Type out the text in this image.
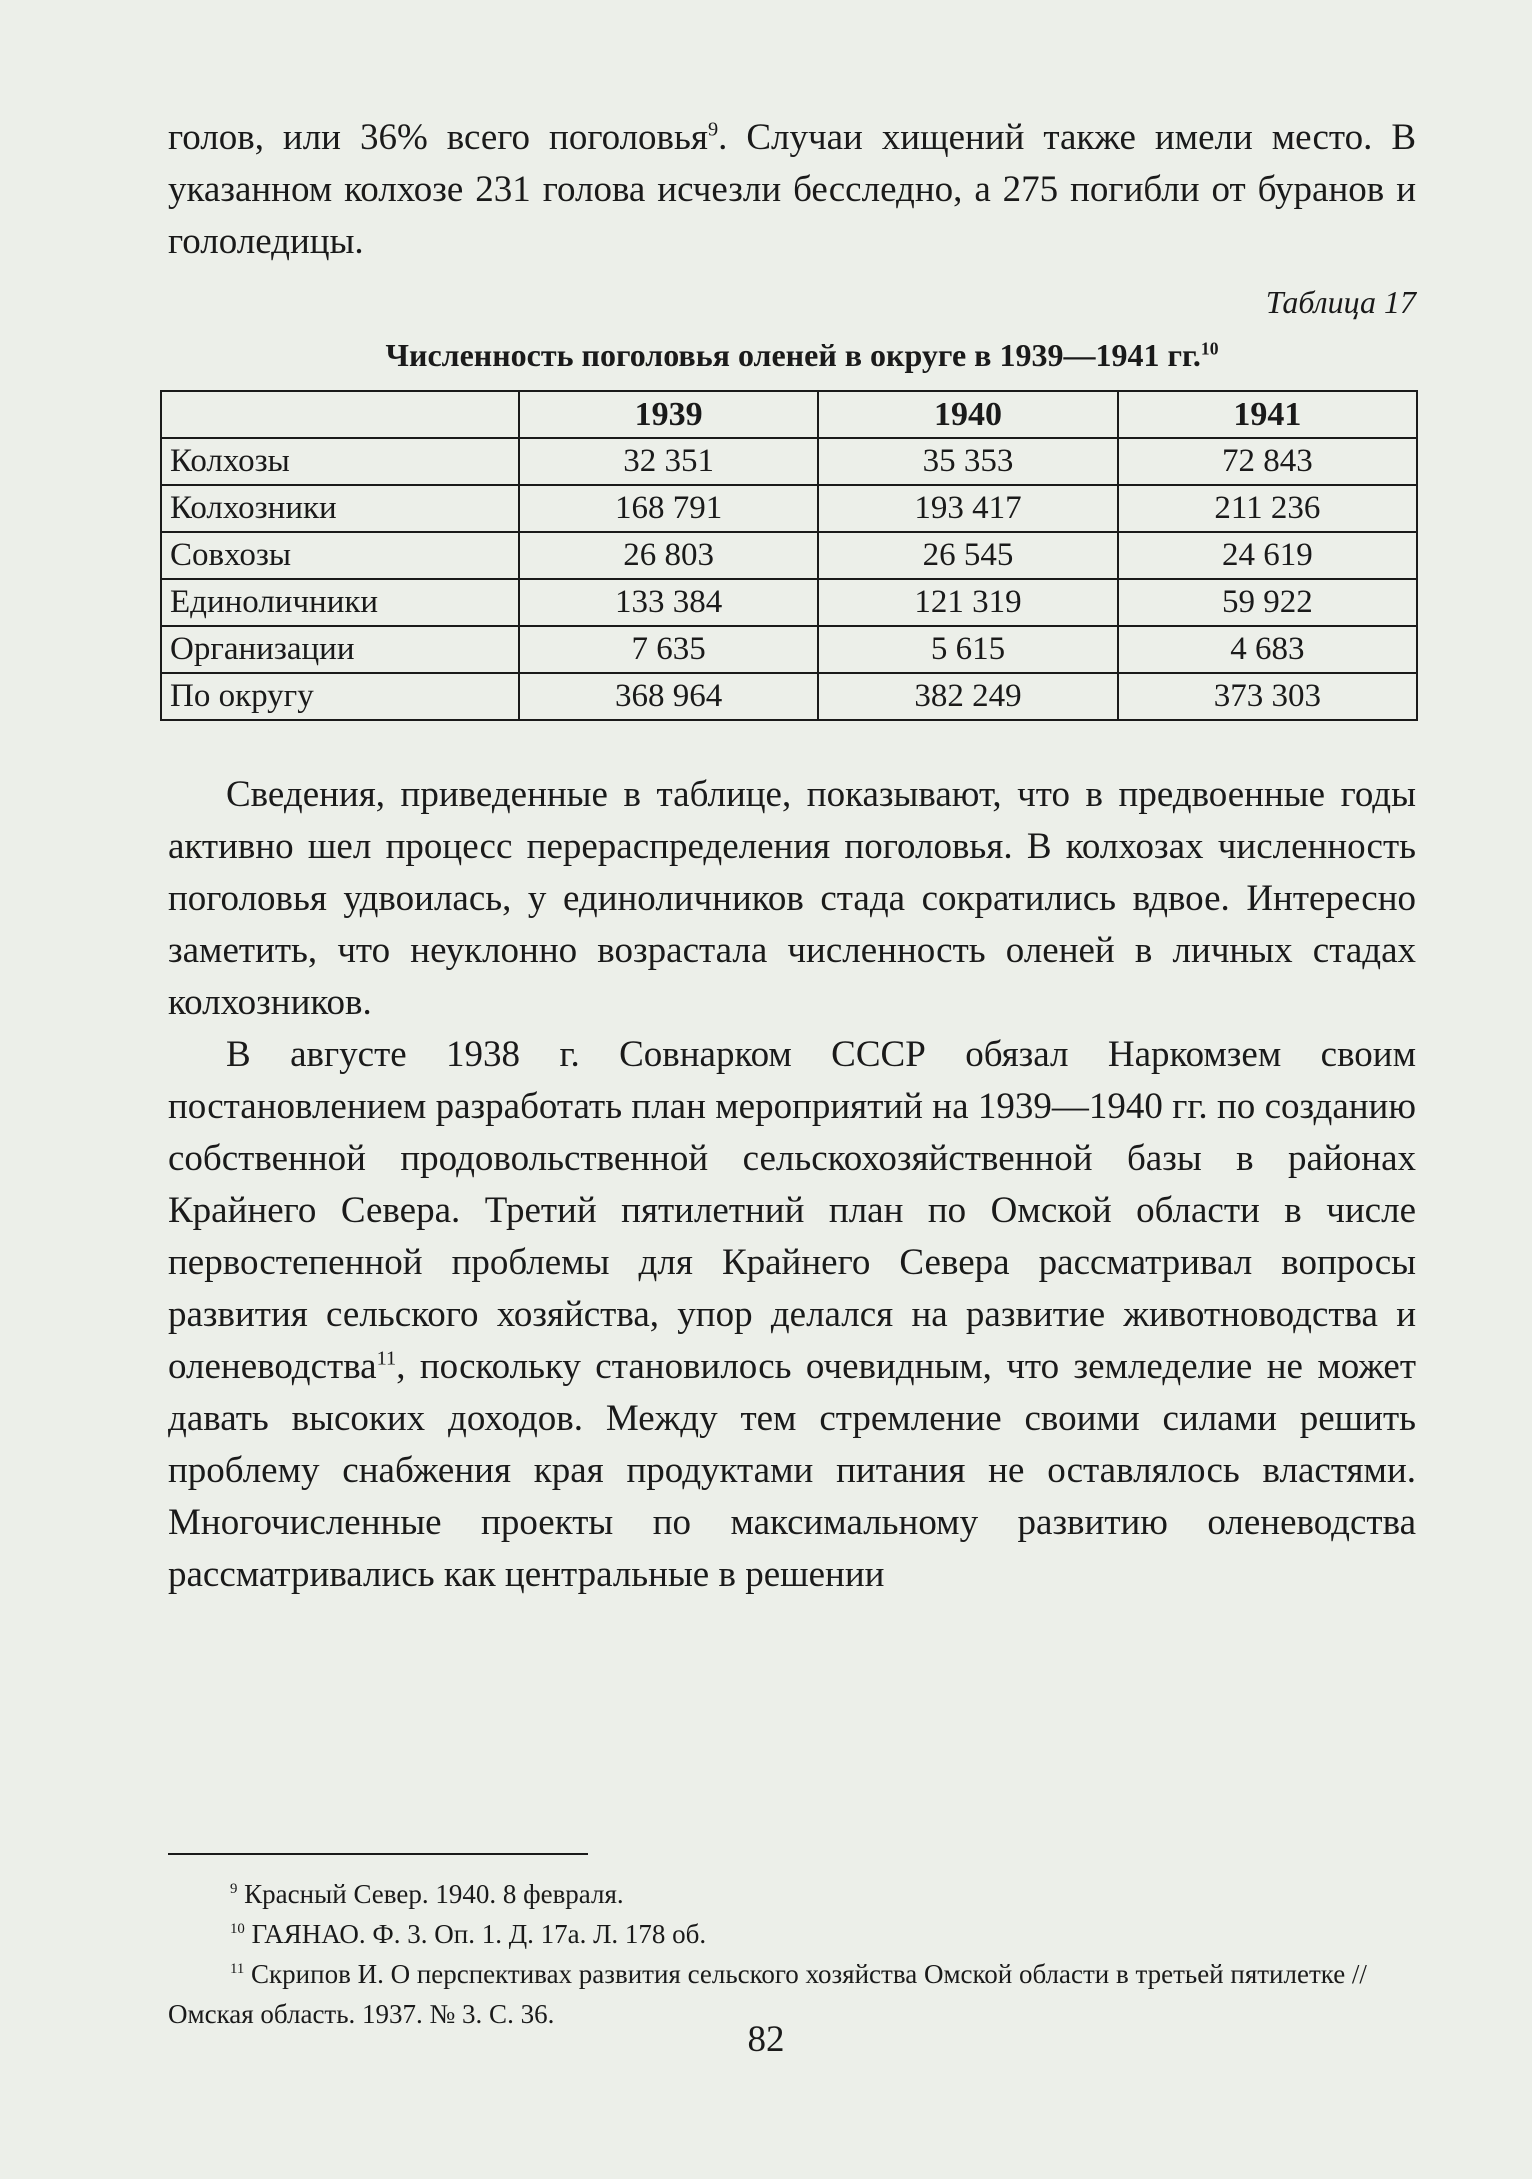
голов, или 36% всего поголовья$^9$. Случаи хищений также имели место. В указанном колхозе 231 голова исчезли бесследно, а 275 погибли от буранов и гололедицы.

Таблица 17
Численность поголовья оленей в округе в 1939—1941 гг.$^{10}$
	1939	1940	1941
Колхозы	32 351	35 353	72 843
Колхозники	168 791	193 417	211 236
Совхозы	26 803	26 545	24 619
Единоличники	133 384	121 319	59 922
Организации	7 635	5 615	4 683
По округу	368 964	382 249	373 303

Сведения, приведенные в таблице, показывают, что в предвоенные годы активно шел процесс перераспределения поголовья. В колхозах численность поголовья удвоилась, у единоличников стада сократились вдвое. Интересно заметить, что неуклонно возрастала численность оленей в личных стадах колхозников.

В августе 1938 г. Совнарком СССР обязал Наркомзем своим постановлением разработать план мероприятий на 1939—1940 гг. по созданию собственной продовольственной сельскохозяйственной базы в районах Крайнего Севера. Третий пятилетний план по Омской области в числе первостепенной проблемы для Крайнего Севера рассматривал вопросы развития сельского хозяйства, упор делался на развитие животноводства и оленеводства$^{11}$, поскольку становилось очевидным, что земледелие не может давать высоких доходов. Между тем стремление своими силами решить проблему снабжения края продуктами питания не оставлялось властями. Многочисленные проекты по максимальному развитию оленеводства рассматривались как центральные в решении

$^9$ Красный Север. 1940. 8 февраля.

$^{10}$ ГАЯНАО. Ф. 3. Оп. 1. Д. 17а. Л. 178 об.

$^{11}$ Скрипов И. О перспективах развития сельского хозяйства Омской области в третьей пятилетке // Омская область. 1937. № 3. С. 36.

82
